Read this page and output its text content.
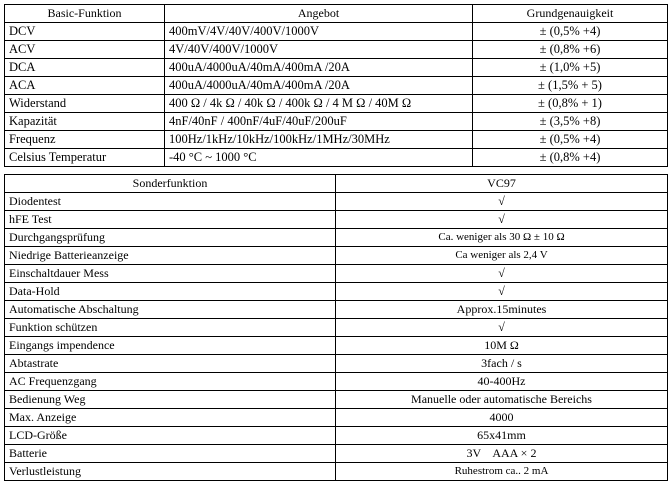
Basic-Funktion	Angebot	Grundgenauigkeit
DCV	400mV/4V/40V/400V/1000V	± (0,5% +4)
ACV	4V/40V/400V/1000V	± (0,8% +6)
DCA	400uA/4000uA/40mA/400mA /20A	± (1,0% +5)
ACA	400uA/4000uA/40mA/400mA /20A	± (1,5% + 5)
Widerstand	400 Ω / 4k Ω / 40k Ω / 400k Ω / 4 M Ω / 40M Ω	± (0,8% + 1)
Kapazität	4nF/40nF / 400nF/4uF/40uF/200uF	± (3,5% +8)
Frequenz	100Hz/1kHz/10kHz/100kHz/1MHz/30MHz	± (0,5% +4)
Celsius Temperatur	-40 °C ~ 1000 °C	± (0,8% +4)
Sonderfunktion	VC97
Diodentest	√
hFE Test	√
Durchgangsprüfung	Ca. weniger als 30 Ω ± 10 Ω
Niedrige Batterieanzeige	Ca weniger als 2,4 V
Einschaltdauer Mess	√
Data-Hold	√
Automatische Abschaltung	Approx.15minutes
Funktion schützen	√
Eingangs impendence	10M Ω
Abtastrate	3fach / s
AC Frequenzgang	40-400Hz
Bedienung Weg	Manuelle oder automatische Bereichs
Max. Anzeige	4000
LCD-Größe	65x41mm
Batterie	3V    AAA × 2
Verlustleistung	Ruhestrom ca.. 2 mA
